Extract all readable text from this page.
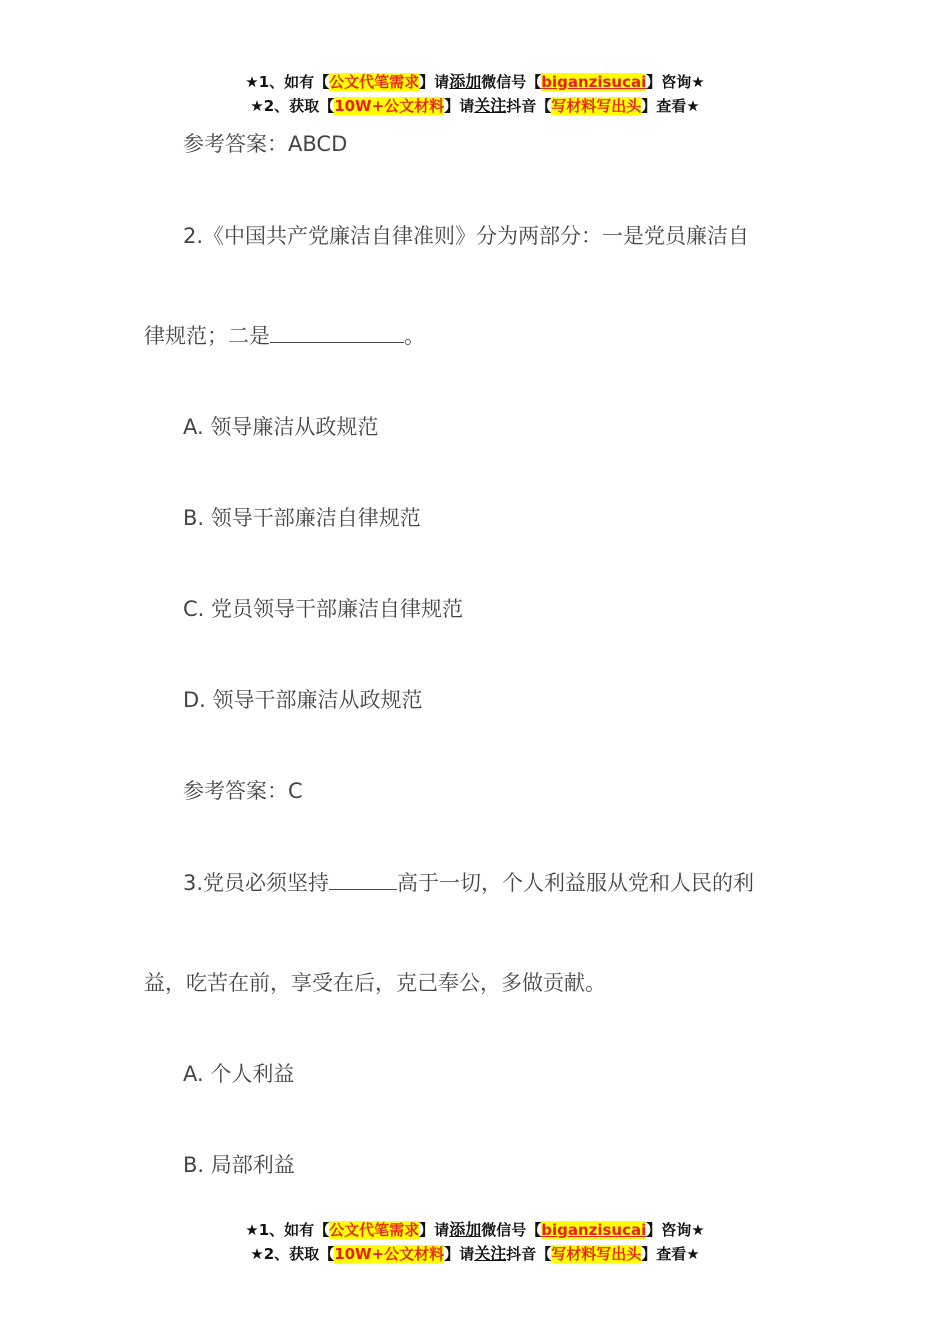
★1、如有【公文代笔需求】请添加微信号【biganzisucai】咨询★
★2、获取【10W+公文材料】请关注抖音【写材料写出头】查看★
参考答案：ABCD
2.《中国共产党廉洁自律准则》分为两部分：一是党员廉洁自
律规范；二是	。
A. 领导廉洁从政规范
B. 领导干部廉洁自律规范
C. 党员领导干部廉洁自律规范
D. 领导干部廉洁从政规范
参考答案：C
3.党员必须坚持	高于一切，个人利益服从党和人民的利
益，吃苦在前，享受在后，克己奉公，多做贡献。
A. 个人利益
B. 局部利益
★1、如有【公文代笔需求】请添加微信号【biganzisucai】咨询★
★2、获取【10W+公文材料】请关注抖音【写材料写出头】查看★
